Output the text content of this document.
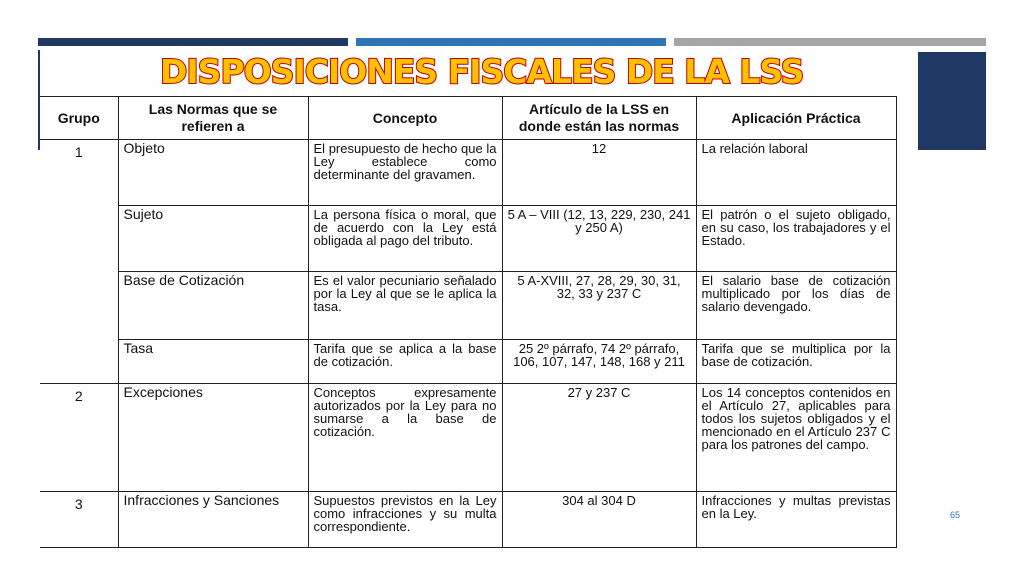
DISPOSICIONES FISCALES DE LA LSS
Grupo	Las Normas que se refieren a	Concepto	Artículo de la LSS en donde están las normas	Aplicación Práctica
1	Objeto	El presupuesto de hecho que la Ley establece como determinante del gravamen.	12	La relación laboral
	Sujeto	La persona física o moral, que de acuerdo con la Ley está obligada al pago del tributo.	5 A – VIII (12, 13, 229, 230, 241 y 250 A)	El patrón o el sujeto obligado, en su caso, los trabajadores y el Estado.
	Base de Cotización	Es el valor pecuniario señalado por la Ley al que se le aplica la tasa.	5 A-XVIII, 27, 28, 29, 30, 31, 32, 33 y 237 C	El salario base de cotización multiplicado por los días de salario devengado.
	Tasa	Tarifa que se aplica a la base de cotización.	25 2º párrafo, 74 2º párrafo, 106, 107, 147, 148, 168 y 211	Tarifa que se multiplica por la base de cotización.
2	Excepciones	Conceptos expresamente autorizados por la Ley para no sumarse a la base de cotización.	27 y 237 C	Los 14 conceptos contenidos en el Artículo 27, aplicables para todos los sujetos obligados y el mencionado en el Artículo 237 C para los patrones del campo.
3	Infracciones y Sanciones	Supuestos previstos en la Ley como infracciones y su multa correspondiente.	304 al 304 D	Infracciones y multas previstas en la Ley.	65
